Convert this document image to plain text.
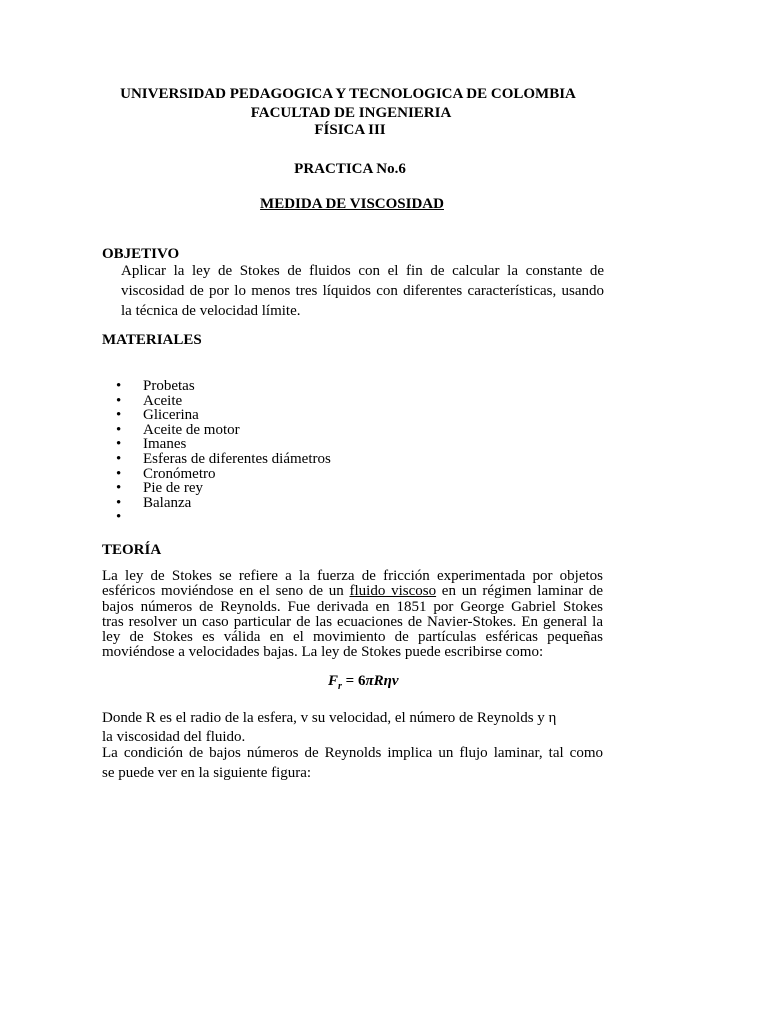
UNIVERSIDAD PEDAGOGICA Y TECNOLOGICA DE COLOMBIA
FACULTAD DE INGENIERIA
FÍSICA III
PRACTICA No.6
MEDIDA DE VISCOSIDAD
OBJETIVO
Aplicar la ley de Stokes de fluidos con el fin de calcular la constante de
viscosidad de por lo menos tres líquidos con diferentes características, usando
la técnica de velocidad límite.
MATERIALES
• Probetas
• Aceite
• Glicerina
• Aceite de motor
• Imanes
• Esferas de diferentes diámetros
• Cronómetro
• Pie de rey
• Balanza
•
TEORÍA
La ley de Stokes se refiere a la fuerza de fricción experimentada por objetos
esféricos moviéndose en el seno de un fluido viscoso en un régimen laminar de
bajos números de Reynolds. Fue derivada en 1851 por George Gabriel Stokes
tras resolver un caso particular de las ecuaciones de Navier-Stokes. En general la
ley de Stokes es válida en el movimiento de partículas esféricas pequeñas
moviéndose a velocidades bajas. La ley de Stokes puede escribirse como:
$F_r = 6\pi R\eta v$
Donde R es el radio de la esfera, v su velocidad, el número de Reynolds y η
la viscosidad del fluido.
La condición de bajos números de Reynolds implica un flujo laminar, tal como
se puede ver en la siguiente figura:
